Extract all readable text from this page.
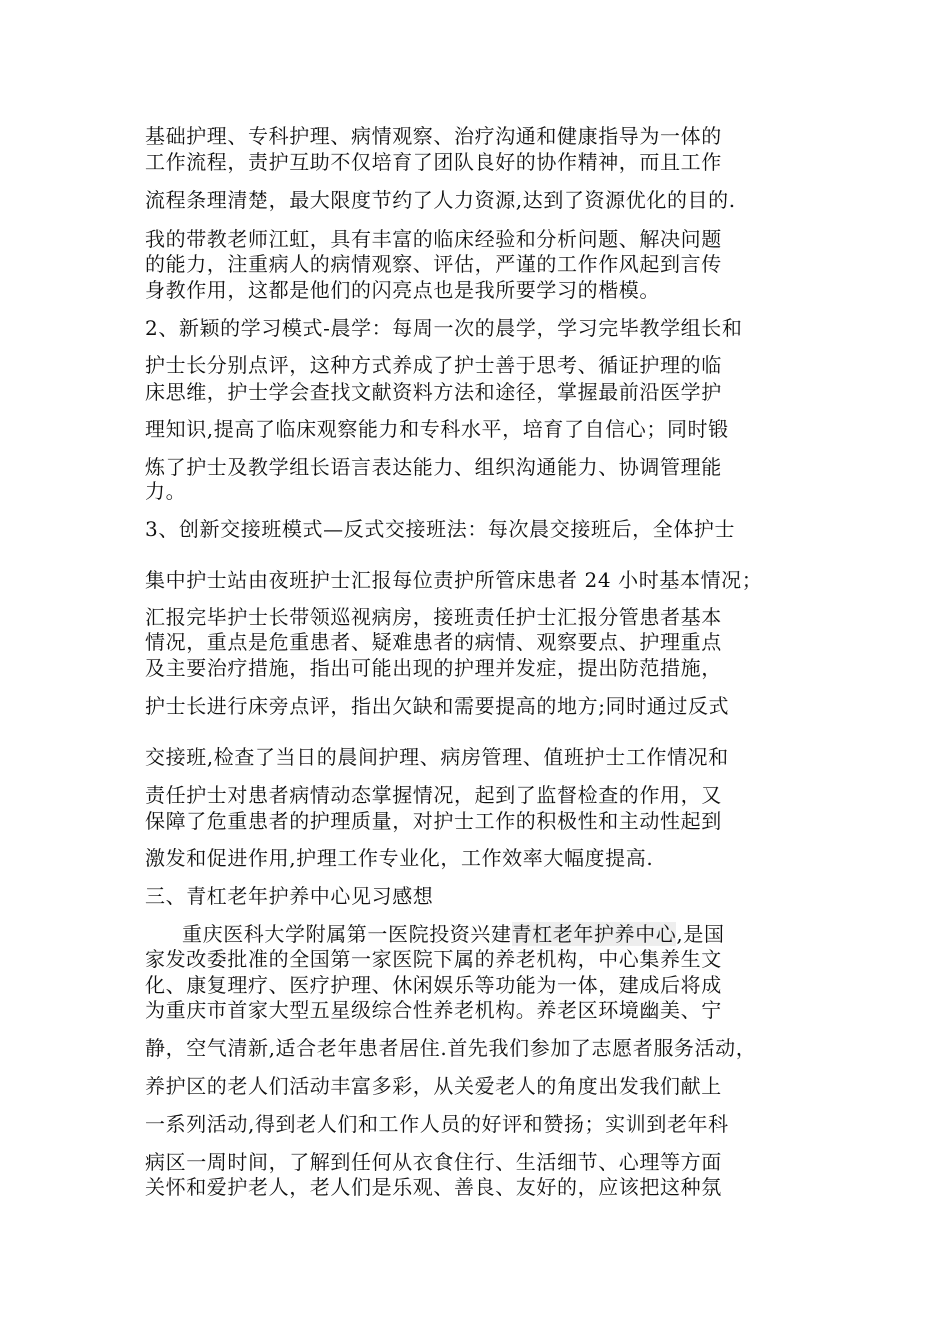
基础护理、专科护理、病情观察、治疗沟通和健康指导为一体的
工作流程，责护互助不仅培育了团队良好的协作精神，而且工作
流程条理清楚，最大限度节约了人力资源,达到了资源优化的目的.
我的带教老师江虹，具有丰富的临床经验和分析问题、解决问题
的能力，注重病人的病情观察、评估，严谨的工作作风起到言传
身教作用，这都是他们的闪亮点也是我所要学习的楷模。
2、新颖的学习模式-晨学：每周一次的晨学，学习完毕教学组长和
护士长分别点评，这种方式养成了护士善于思考、循证护理的临
床思维，护士学会查找文献资料方法和途径，掌握最前沿医学护
理知识,提高了临床观察能力和专科水平，培育了自信心；同时锻
炼了护士及教学组长语言表达能力、组织沟通能力、协调管理能
力。
3、创新交接班模式—反式交接班法：每次晨交接班后，全体护士
集中护士站由夜班护士汇报每位责护所管床患者 24 小时基本情况；
汇报完毕护士长带领巡视病房，接班责任护士汇报分管患者基本
情况，重点是危重患者、疑难患者的病情、观察要点、护理重点
及主要治疗措施，指出可能出现的护理并发症，提出防范措施，
护士长进行床旁点评，指出欠缺和需要提高的地方;同时通过反式
交接班,检查了当日的晨间护理、病房管理、值班护士工作情况和
责任护士对患者病情动态掌握情况，起到了监督检查的作用，又
保障了危重患者的护理质量，对护士工作的积极性和主动性起到
激发和促进作用,护理工作专业化，工作效率大幅度提高.
三、青杠老年护养中心见习感想
重庆医科大学附属第一医院投资兴建青杠老年护养中心,是国
家发改委批准的全国第一家医院下属的养老机构，中心集养生文
化、康复理疗、医疗护理、休闲娱乐等功能为一体，建成后将成
为重庆市首家大型五星级综合性养老机构。养老区环境幽美、宁
静，空气清新,适合老年患者居住.首先我们参加了志愿者服务活动，
养护区的老人们活动丰富多彩，从关爱老人的角度出发我们献上
一系列活动,得到老人们和工作人员的好评和赞扬；实训到老年科
病区一周时间，了解到任何从衣食住行、生活细节、心理等方面
关怀和爱护老人，老人们是乐观、善良、友好的，应该把这种氛
